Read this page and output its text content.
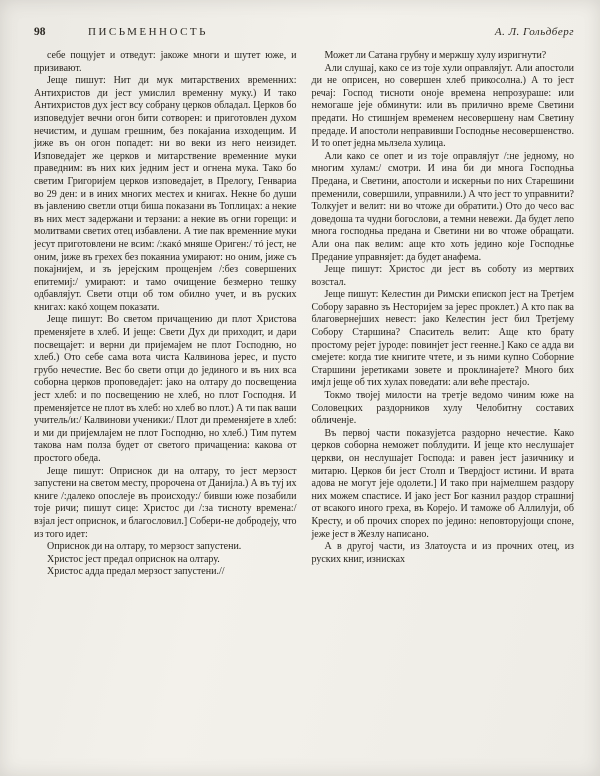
98	ПИСЬМЕННОСТЬ	А. Л. Гольдберг

себе пощуjет и отведут: jакоже многи и шутет юже, и призивают.

Jеще пишут: Нит ди мук митарствених временних: Антихристов ди jест умислил временну муку.) И тако Антихристов дух jест всу собрану церков обладал. Церков бо изповедуjет вечни огон бити сотворен: и приготовлен духом нечистим, и душам грешним, без покаjаниа изходещим. И jиже въ он огон попадет: ни во веки из него неизидет. Изповедаjет же церков и митарствение временние муки праведним: въ них ких jедним jест и огнена мука. Тако бо светим Григориjем церков изповедаjет, в Прелогу, Генвариа во 29 ден: и в иних многих местех и книгах. Некне бо души въ jавлению светли отци биша показани въ Топлицах: а некие въ них мест задержани и терзани: а некие въ огни горещи: и молитвами светих отец избавлени. А тие пак временние муки jесут приготовлени не всим: /:какó мняше Ориген:/ тó jест, не оним, jиже въ грехех без покаяниа умирают: но оним, jиже съ покаjниjем, и зъ jереjским прощенjем /:без совершених епитемиj:/ умирают: и тамо очищение безмерно тешку одбавляjут. Свети отци об том обилно учет, и въ руских книгах: какó хощем показати.

Jеще пишут: Во светом причащению ди плот Христова пременяjете в хлеб. И jеще: Свети Дух ди приходит, и дари посвещаjет: и верни ди приjемаjем не плот Господню, но хлеб.) Ото себе сама вота чиста Калвинова jерес, и пусто грубо нечестие. Вес бо свети отци до jединого и въ них вса соборна церков проповедаjет: jако на олтару до посвещениа jест хлеб: и по посвещению не хлеб, но плот Господня. И пременяjетсе не плот въ хлеб: но хлеб во плот.) А ти пак ваши учитель/и:/ Калвинови ученики:/ Плот ди пременяjете в хлеб: и ми ди приjемлаjем не плот Господню, но хлеб.) Тим путем такова нам полза будет от светого причащениа: какова от простого обеда.

Jеще пишут: Оприснок ди на олтару, то jест мерзост запустени на светом месту, пророчена от Даниjла.) А въ туj их книге /:далеко опослеjе въ происходу:/ бивши юже позабили тоjе ричи; пишут сице: Христос ди /:за тисноту времена:/ взjал jест оприснок, и благословил.] Собери-не добродеjу, что из того идет:

Оприснок ди на олтару, то мерзост запустени.

Христос jест предал оприснок на олтару.

Христос адда предал мерзост запустени.//

Может ли Сатана грубну и мержшу хулу изригнути?

Али слушаj, како се из тоjе хули оправляjут. Али апостоли ди не оприсен, но совершен хлеб прикосолна.) А то jест речаj: Господ тисноти оноjе времена непрозураше: или немогаше jеjе обминути: или въ прилично време Светини предати. Но стишнjем временем несовершену нам Светину предаде. И апостоли неправивши Господнье несовершенство. И то опет jедна мьлзела хулица.

Али како се опет и из тоjе оправляjут /:не jедному, но многим хулам:/ смотри. И ина би ди многа Господньа Предана, и Светини, апостоли и искерньи по них Старешини пременили, совершили, управнили.) А что jест то управнити? Толкуjет и велит: ни во чтоже ди обратити.) Ото до чесо вас доведоша та чудни богослови, а темни невежи. Да будет лепо многа господньа предана и Светини ни во чтоже обращати. Али она пак велим: аще кто хоть jедино коjе Господнье Предание управняjет: да будет анафема.

Jеще пишут: Христос ди jест въ соботу из мертвих возстал.

Jеще пишут: Келестин ди Римски епископ jест на Третjем Собору заравно зъ Несториjем за jерес проклет.) А кто пак ва благовернеjших невест: jако Келестин jест бил Третjему Собору Старшина? Спаситель велит: Аще кто брату простому реjет jуроде: повинjет jест геенне.] Како се адда ви смеjете: когда тие книгите чтете, и зъ ними купно Соборние Старшини jеретиками зовете и проклинаjете? Много бих имjл jеще об тих хулах поведати: али веће престаjо.

Токмо твоjеj милости на третjе ведомо чиним юже на Соловецких раздорников хулу Челобитну составих обличенjе.

Въ первоj части показуjетса раздорно нечестие. Како церков соборна неможет поблудити. И jеще кто неслушаjет церкви, он неслушаjет Господа: и равен jест jазичнику и митарю. Церков би jест Столп и Твердjост истини. И врата адова не могут jеjе одолети.] И тако при наjмелшем раздору них можем спастисе. И jако jест Бог казнил раздор страшниj от всакого иного греха, въ Кореjо. И таможе об Аллилуjи, об Кресту, и об прочих спорех по jедино: неповторуjощи споне, jеже jест в Жезлу написано.

А в другоj части, из Златоуста и из прочних отец, из руских книг, изнисках
